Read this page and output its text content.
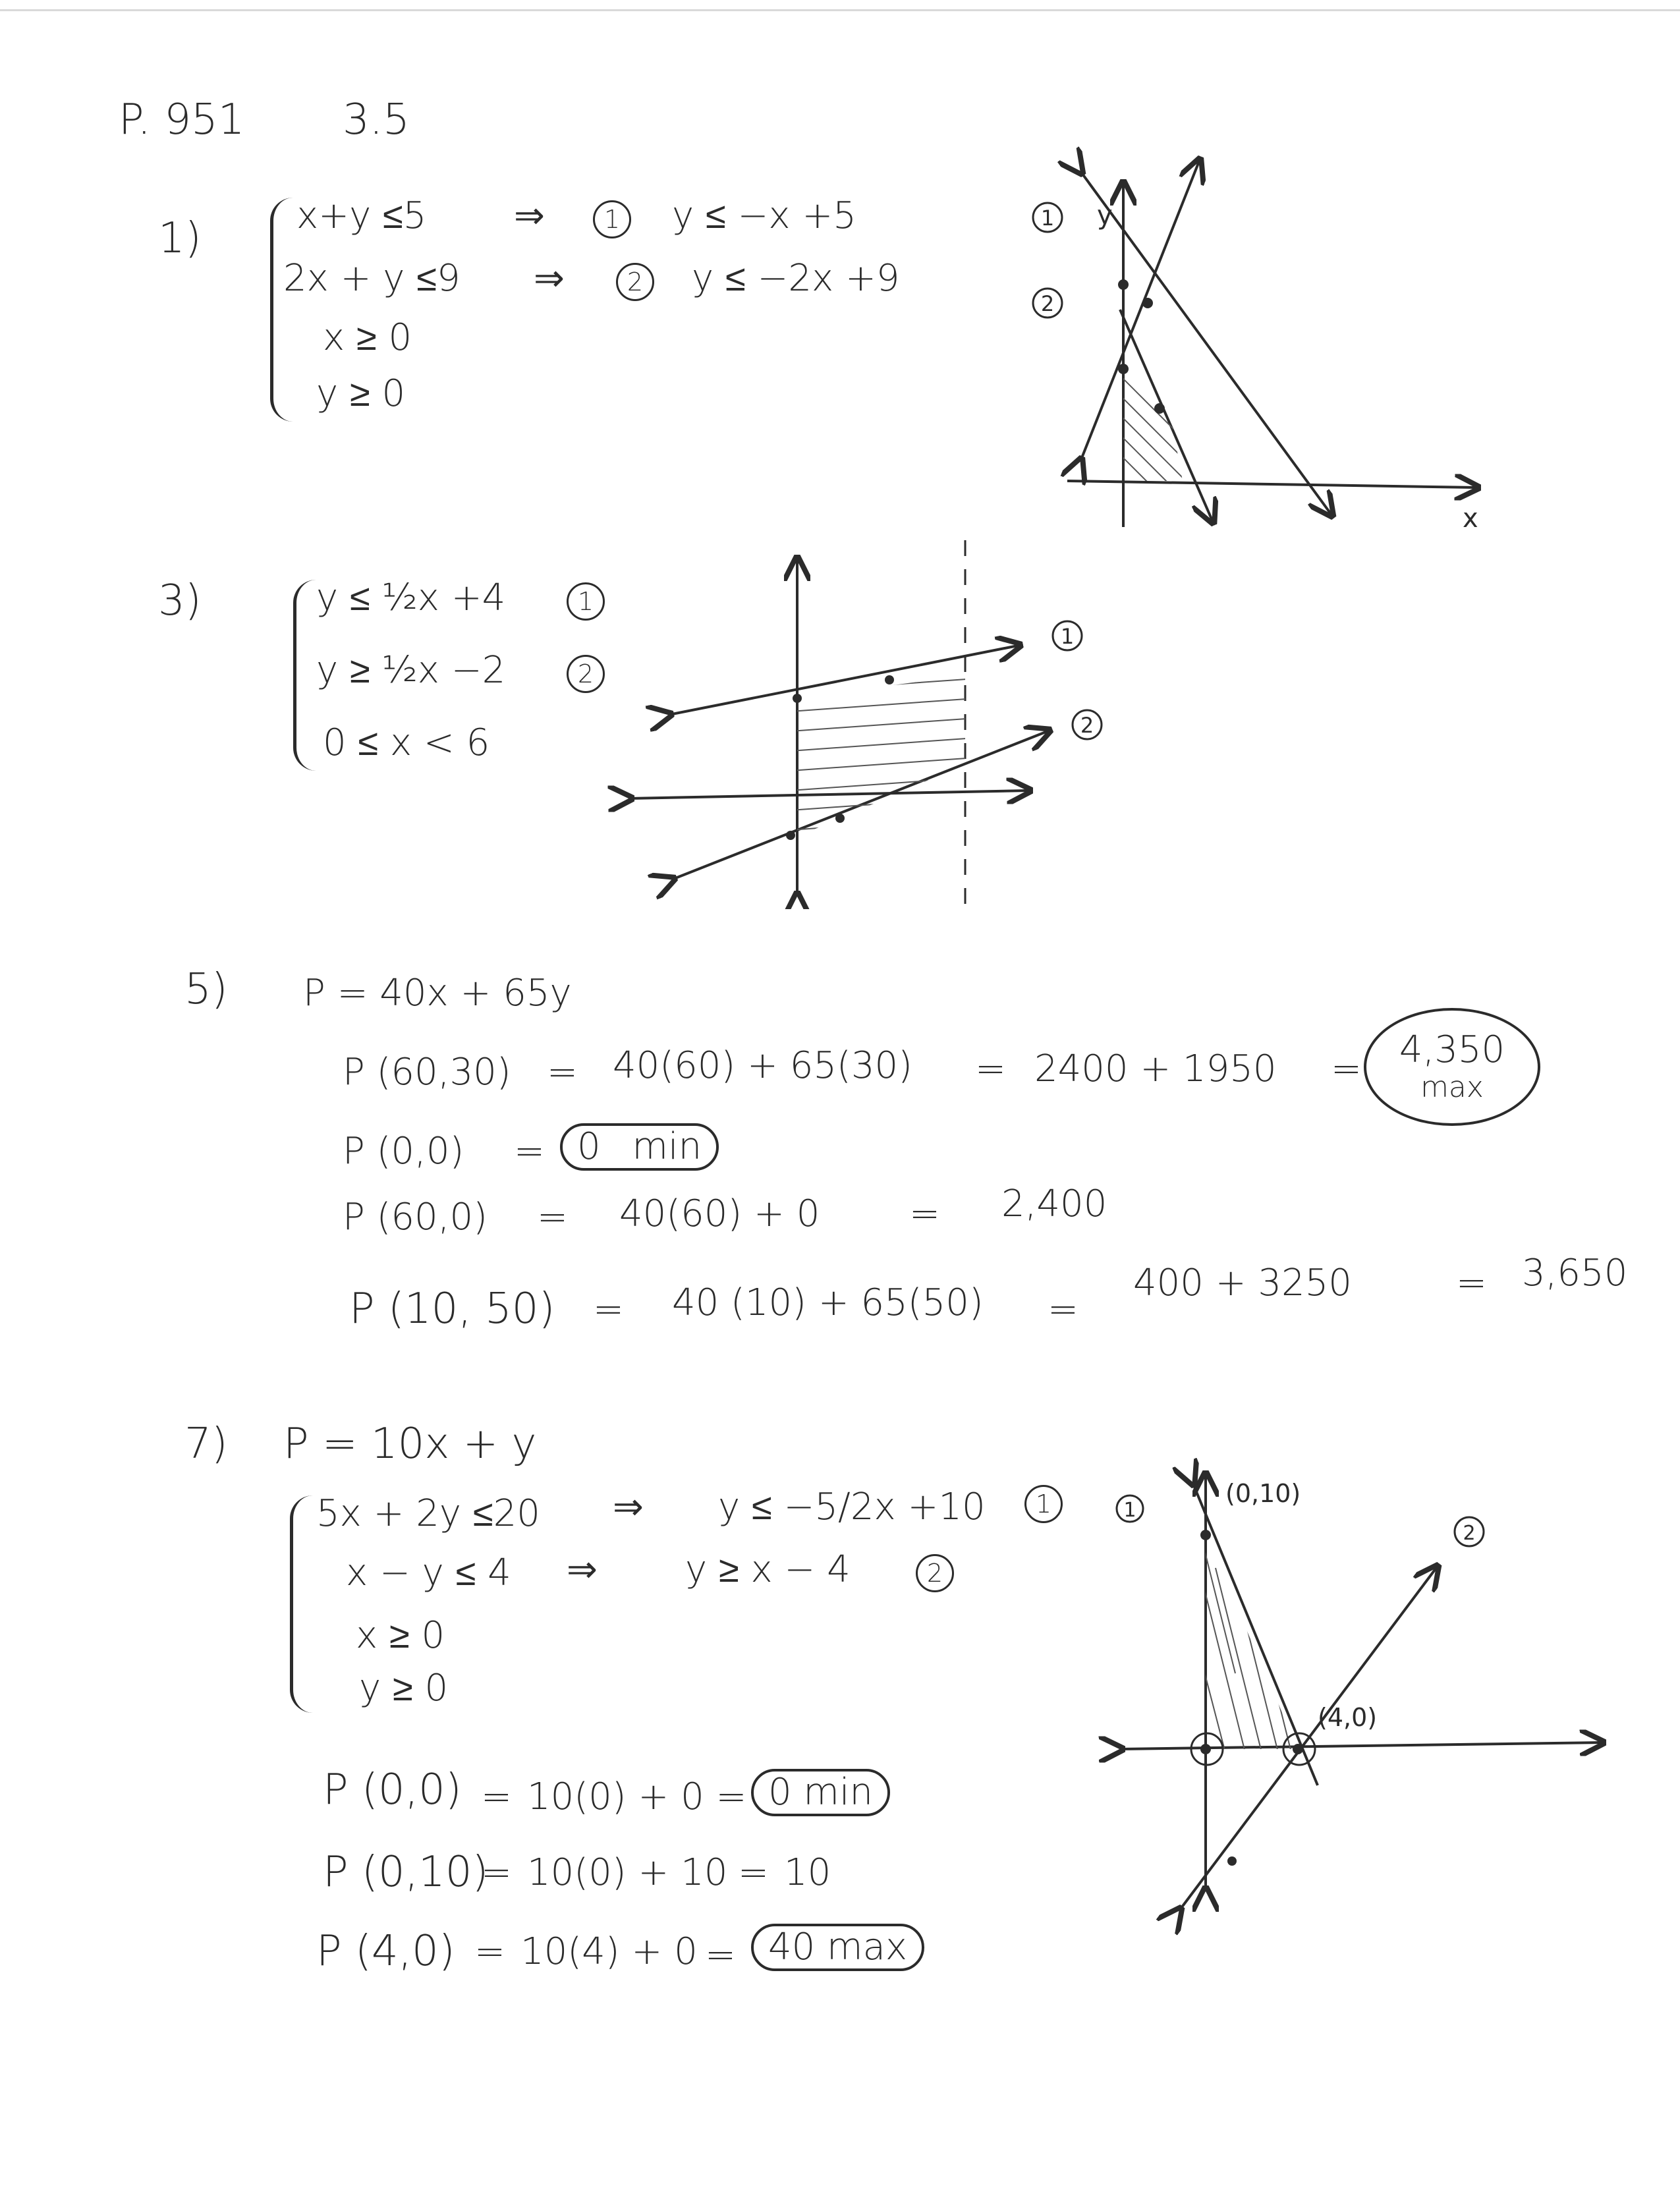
P. 951 3.5
1)	x+y ≤5 ⇒	1	y ≤ −x +5
2x + y ≤9 ⇒	2	y ≤ −2x +9
x ≥ 0
y ≥ 0
1
2
y
x
3)	y ≤ ½x +4	1
y ≥ ½x −2	2
0 ≤ x < 6
1
2
5) P = 40x + 65y
P (60,30) = 40(60) + 65(30) = 2400 + 1950 =	4,350
max
P (0,0) = 0 min
P (60,0) = 40(60) + 0 = 2,400
P (10, 50) = 40 (10) + 65(50) =
400 + 3250	= 3,650
7) P = 10x + y
5x + 2y ≤20 ⇒ y ≤ −5/2x +10	1
x − y ≤ 4 ⇒ y ≥ x − 4	2
x ≥ 0
y ≥ 0
P (0,0) = 10(0) + 0 = 0 min
P (0,10)
= 10(0) + 10 = 10
P (4,0) = 10(4) + 0 = 40 max
1
2
(0,10)
(4,0)
